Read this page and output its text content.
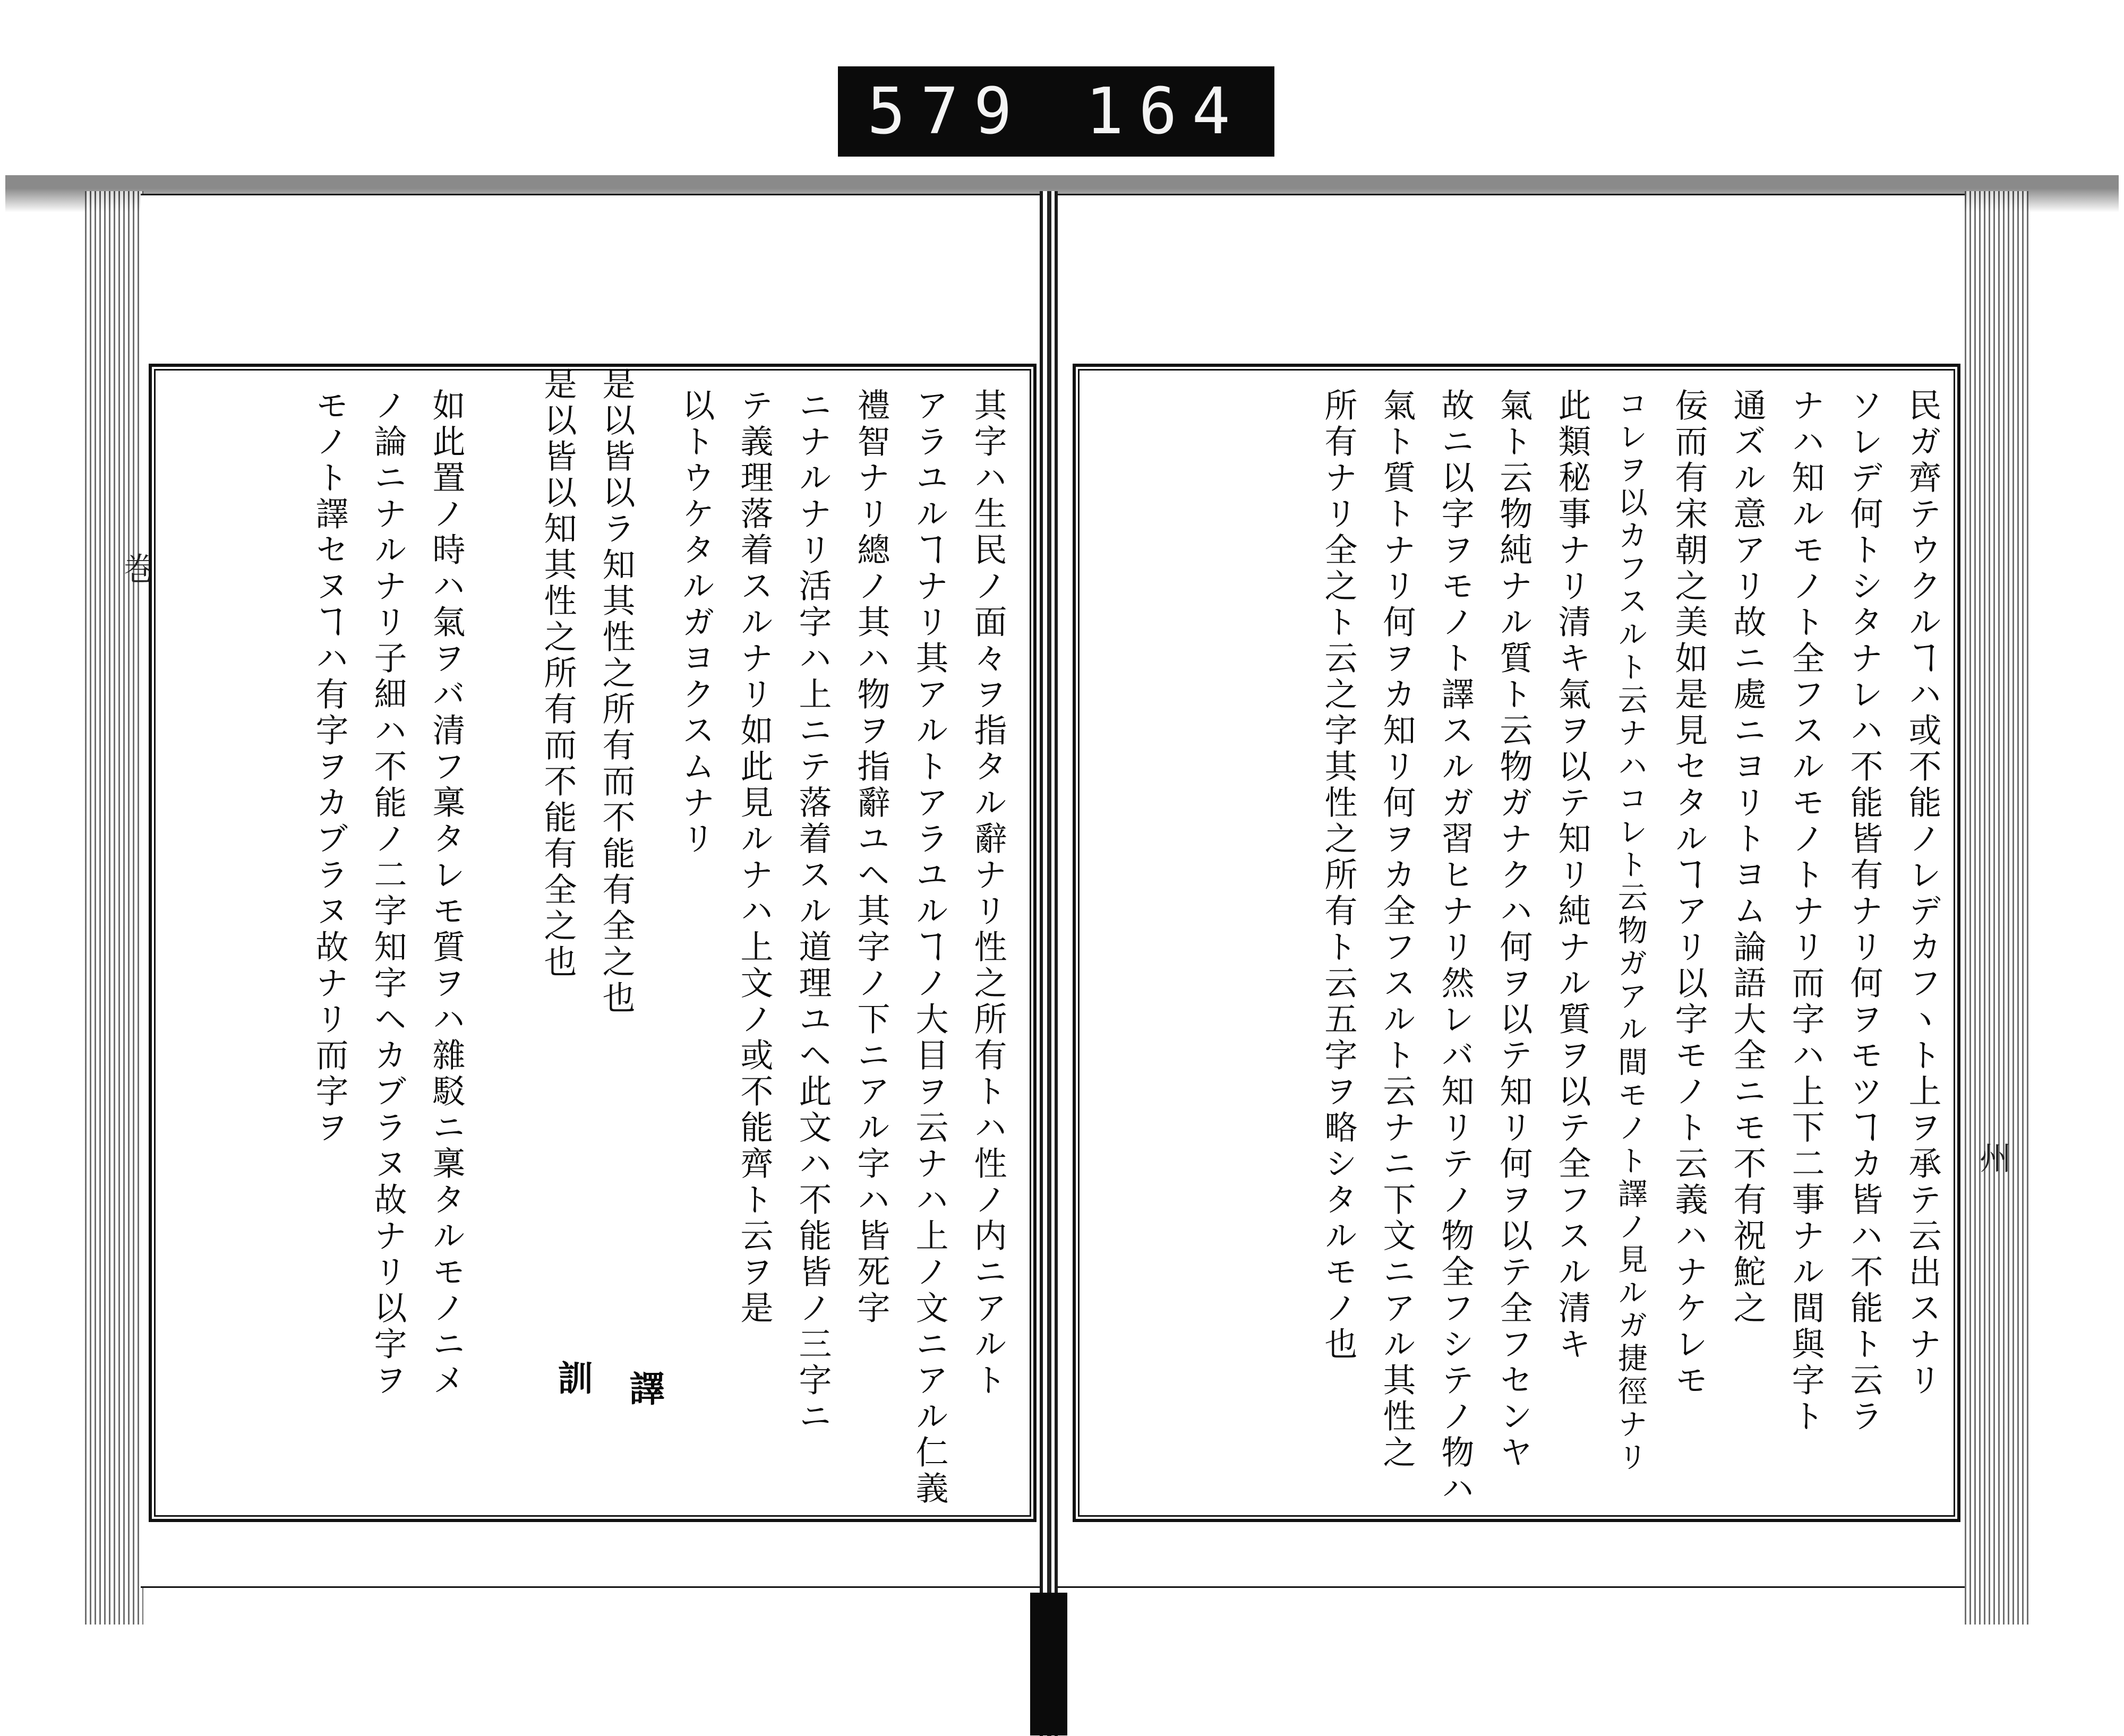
579 164
巻
州
訓 譯	其字ハ生民ノ面々ヲ指タル辭ナリ性之所有トハ性ノ内ニアルト
アラユルヿナリ其アルトアラユルヿノ大目ヲ云ナハ上ノ文ニアル仁義
禮智ナリ總ノ其ハ物ヲ指辭ユヘ其字ノ下ニアル字ハ皆死字
ニナルナリ活字ハ上ニテ落着スル道理ユヘ此文ハ不能皆ノ三字ニ
テ義理落着スルナリ如此見ルナハ上文ノ或不能齊ト云ヲ是
以トウケタルガヨクスムナリ
是以皆以ラ知其性之所有而不能有全之也
是以皆以知其性之所有而不能有全之也
如此置ノ時ハ氣ヲバ清フ稟タレモ質ヲハ雜駁ニ稟タルモノニメ
ノ論ニナルナリ子細ハ不能ノ二字知字ヘカブラヌ故ナリ以字ヲ
モノト譯セヌヿハ有字ヲカブラヌ故ナリ而字ヲ	民ガ齊テウクルヿハ或不能ノレデカフヽト上ヲ承テ云出スナリ
ソレデ何トシタナレハ不能皆有ナリ何ヲモツヿカ皆ハ不能ト云ラ
ナハ知ルモノト全フスルモノトナリ而字ハ上下二事ナル間與字ト
通ズル意アリ故ニ處ニヨリトヨム論語大全ニモ不有祝鮀之
佞而有宋朝之美如是見セタルヿアリ以字モノト云義ハナケレモ
コレヲ以カフスルト云ナハコレト云物ガアル間モノト譯ノ見ルガ捷徑ナリ
此類秘事ナリ清キ氣ヲ以テ知リ純ナル質ヲ以テ全フスル清キ
氣ト云物純ナル質ト云物ガナクハ何ヲ以テ知リ何ヲ以テ全フセンヤ
故ニ以字ヲモノト譯スルガ習ヒナリ然レバ知リテノ物全フシテノ物ハ
氣ト質トナリ何ヲカ知リ何ヲカ全フスルト云ナニ下文ニアル其性之
所有ナリ全之ト云之字其性之所有ト云五字ヲ略シタルモノ也
